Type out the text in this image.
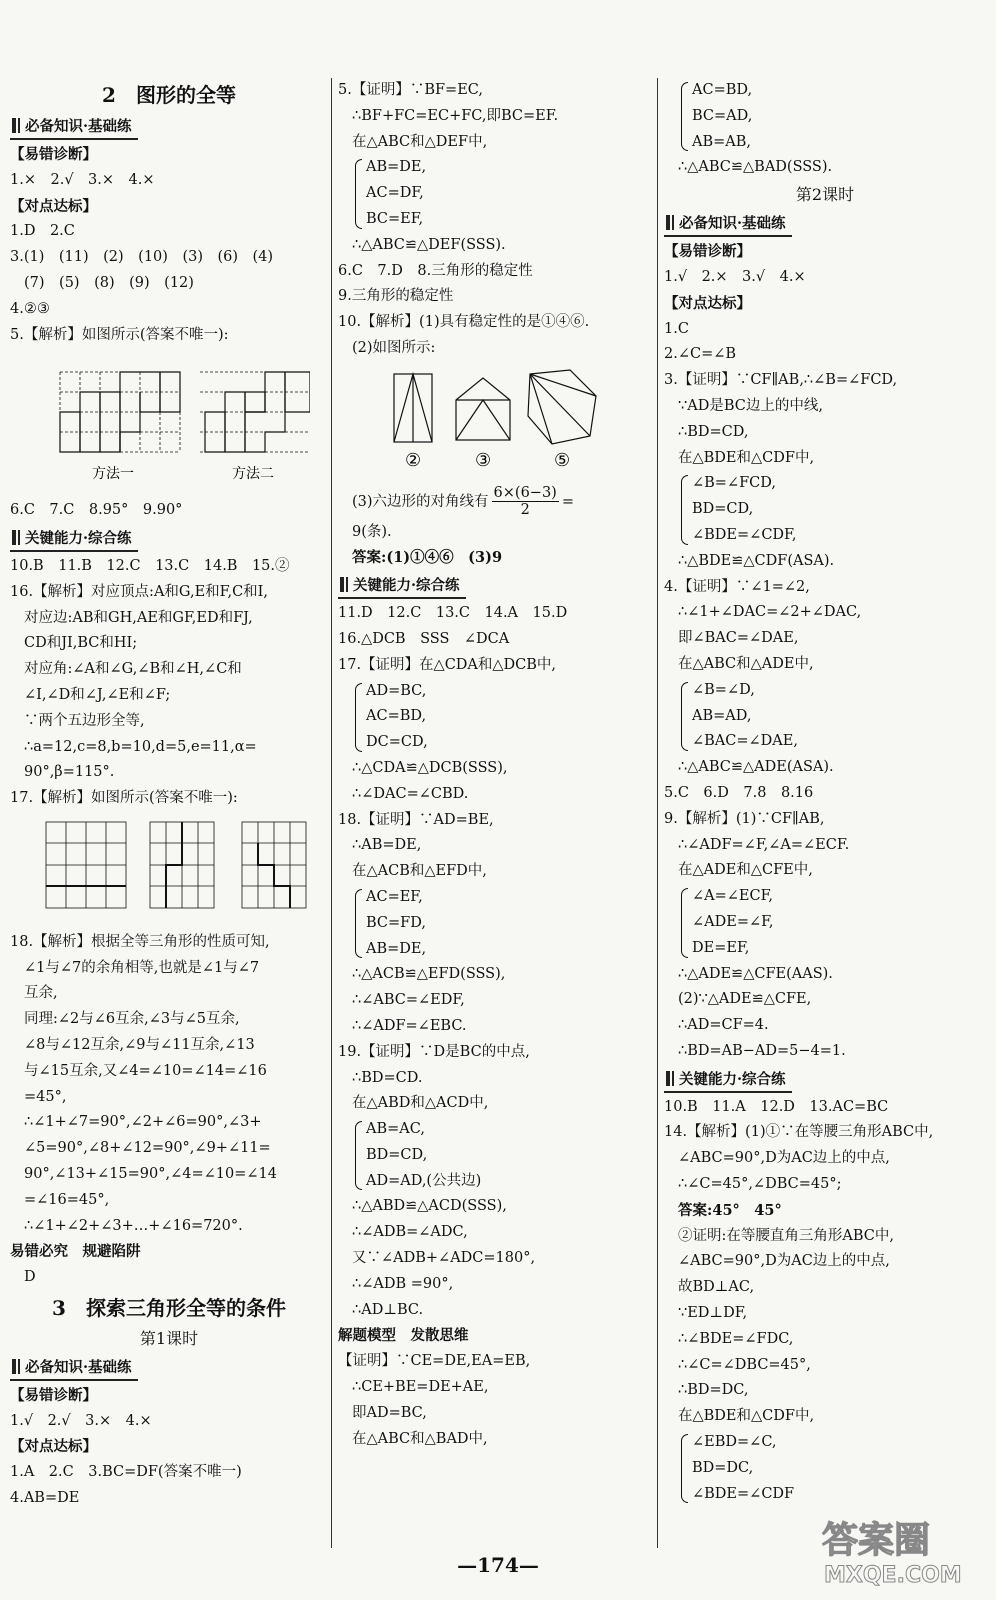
2　图形的全等
必备知识·基础练
【易错诊断】
1.×　2.√　3.×　4.×
【对点达标】
1.D　2.C
3.(1)　(11)　(2)　(10)　(3)　(6)　(4)
(7)　(5)　(8)　(9)　(12)
4.②③
5.【解析】如图所示(答案不唯一):
方法一	方法二
6.C　7.C　8.95°　9.90°
关键能力·综合练
10.B　11.B　12.C　13.C　14.B　15.②
16.【解析】对应顶点:A和G,E和F,C和I,
对应边:AB和GH,AE和GF,ED和FJ,
CD和JI,BC和HI;
对应角:∠A和∠G,∠B和∠H,∠C和
∠I,∠D和∠J,∠E和∠F;
∵两个五边形全等,
∴a=12,c=8,b=10,d=5,e=11,α=
90°,β=115°.
17.【解析】如图所示(答案不唯一):
18.【解析】根据全等三角形的性质可知,
∠1与∠7的余角相等,也就是∠1与∠7
互余,
同理:∠2与∠6互余,∠3与∠5互余,
∠8与∠12互余,∠9与∠11互余,∠13
与∠15互余,又∠4=∠10=∠14=∠16
=45°,
∴∠1+∠7=90°,∠2+∠6=90°,∠3+
∠5=90°,∠8+∠12=90°,∠9+∠11=
90°,∠13+∠15=90°,∠4=∠10=∠14
=∠16=45°,
∴∠1+∠2+∠3+…+∠16=720°.
易错必究　规避陷阱
D
3　探索三角形全等的条件
第1课时
必备知识·基础练
【易错诊断】
1.√　2.√　3.×　4.×
【对点达标】
1.A　2.C　3.BC=DF(答案不唯一)
4.AB=DE
5.【证明】∵BF=EC,
∴BF+FC=EC+FC,即BC=EF.
在△ABC和△DEF中,
AB=DE,
AC=DF,
BC=EF,
∴△ABC≌△DEF(SSS).
6.C　7.D　8.三角形的稳定性
9.三角形的稳定性
10.【解析】(1)具有稳定性的是①④⑥.
(2)如图所示:
②	③	⑤
(3)六边形的对角线有 $\frac{6\times(6-3)}{2}$ =
9(条).
答案:(1)①④⑥　(3)9
关键能力·综合练
11.D　12.C　13.C　14.A　15.D
16.△DCB　SSS　∠DCA
17.【证明】在△CDA和△DCB中,
AD=BC,
AC=BD,
DC=CD,
∴△CDA≌△DCB(SSS),
∴∠DAC=∠CBD.
18.【证明】∵AD=BE,
∴AB=DE,
在△ACB和△EFD中,
AC=EF,
BC=FD,
AB=DE,
∴△ACB≌△EFD(SSS),
∴∠ABC=∠EDF,
∴∠ADF=∠EBC.
19.【证明】∵D是BC的中点,
∴BD=CD.
在△ABD和△ACD中,
AB=AC,
BD=CD,
AD=AD,(公共边)
∴△ABD≌△ACD(SSS),
∴∠ADB=∠ADC,
又∵∠ADB+∠ADC=180°,
∴∠ADB =90°,
∴AD⊥BC.
解题模型　发散思维
【证明】∵CE=DE,EA=EB,
∴CE+BE=DE+AE,
即AD=BC,
在△ABC和△BAD中,
AC=BD,
BC=AD,
AB=AB,
∴△ABC≌△BAD(SSS).
第2课时
必备知识·基础练
【易错诊断】
1.√　2.×　3.√　4.×
【对点达标】
1.C
2.∠C=∠B
3.【证明】∵CF∥AB,∴∠B=∠FCD,
∵AD是BC边上的中线,
∴BD=CD,
在△BDE和△CDF中,
∠B=∠FCD,
BD=CD,
∠BDE=∠CDF,
∴△BDE≌△CDF(ASA).
4.【证明】∵∠1=∠2,
∴∠1+∠DAC=∠2+∠DAC,
即∠BAC=∠DAE,
在△ABC和△ADE中,
∠B=∠D,
AB=AD,
∠BAC=∠DAE,
∴△ABC≌△ADE(ASA).
5.C　6.D　7.8　8.16
9.【解析】(1)∵CF∥AB,
∴∠ADF=∠F,∠A=∠ECF.
在△ADE和△CFE中,
∠A=∠ECF,
∠ADE=∠F,
DE=EF,
∴△ADE≌△CFE(AAS).
(2)∵△ADE≌△CFE,
∴AD=CF=4.
∴BD=AB−AD=5−4=1.
关键能力·综合练
10.B　11.A　12.D　13.AC=BC
14.【解析】(1)①∵在等腰三角形ABC中,
∠ABC=90°,D为AC边上的中点,
∴∠C=45°,∠DBC=45°;
答案:45°　45°
②证明:在等腰直角三角形ABC中,
∠ABC=90°,D为AC边上的中点,
故BD⊥AC,
∵ED⊥DF,
∴∠BDE=∠FDC,
∴∠C=∠DBC=45°,
∴BD=DC,
在△BDE和△CDF中,
∠EBD=∠C,
BD=DC,
∠BDE=∠CDF
答案圈
MXQE.COM
—174—
